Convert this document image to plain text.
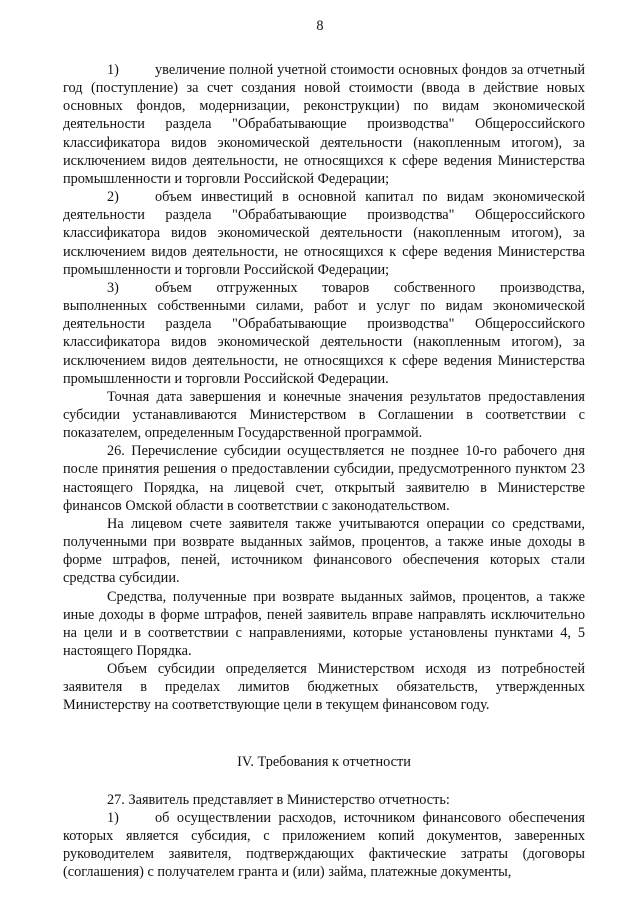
8

1)	увеличение полной учетной стоимости основных фондов за отчетный год (поступление) за счет создания новой стоимости (ввода в действие новых основных фондов, модернизации, реконструкции) по видам экономической деятельности раздела "Обрабатывающие производства" Общероссийского классификатора видов экономической деятельности (накопленным итогом), за исключением видов деятельности, не относящихся к сфере ведения Министерства промышленности и торговли Российской Федерации;

2)	объем инвестиций в основной капитал по видам экономической деятельности раздела "Обрабатывающие производства" Общероссийского классификатора видов экономической деятельности (накопленным итогом), за исключением видов деятельности, не относящихся к сфере ведения Министерства промышленности и торговли Российской Федерации;

3)	объем отгруженных товаров собственного производства, выполненных собственными силами, работ и услуг по видам экономической деятельности раздела "Обрабатывающие производства" Общероссийского классификатора видов экономической деятельности (накопленным итогом), за исключением видов деятельности, не относящихся к сфере ведения Министерства промышленности и торговли Российской Федерации.

Точная дата завершения и конечные значения результатов предоставления субсидии устанавливаются Министерством в Соглашении в соответствии с показателем, определенным Государственной программой.

26. Перечисление субсидии осуществляется не позднее 10-го рабочего дня после принятия решения о предоставлении субсидии, предусмотренного пунктом 23 настоящего Порядка, на лицевой счет, открытый заявителю в Министерстве финансов Омской области в соответствии с законодательством.

На лицевом счете заявителя также учитываются операции со средствами, полученными при возврате выданных займов, процентов, а также иные доходы в форме штрафов, пеней, источником финансового обеспечения которых стали средства субсидии.

Средства, полученные при возврате выданных займов, процентов, а также иные доходы в форме штрафов, пеней заявитель вправе направлять исключительно на цели и в соответствии с направлениями, которые установлены пунктами 4, 5 настоящего Порядка.

Объем субсидии определяется Министерством исходя из потребностей заявителя в пределах лимитов бюджетных обязательств, утвержденных Министерству на соответствующие цели в текущем финансовом году.

IV. Требования к отчетности

27. Заявитель представляет в Министерство отчетность:

1)	об осуществлении расходов, источником финансового обеспечения которых является субсидия, с приложением копий документов, заверенных руководителем заявителя, подтверждающих фактические затраты (договоры (соглашения) с получателем гранта и (или) займа, платежные документы,
